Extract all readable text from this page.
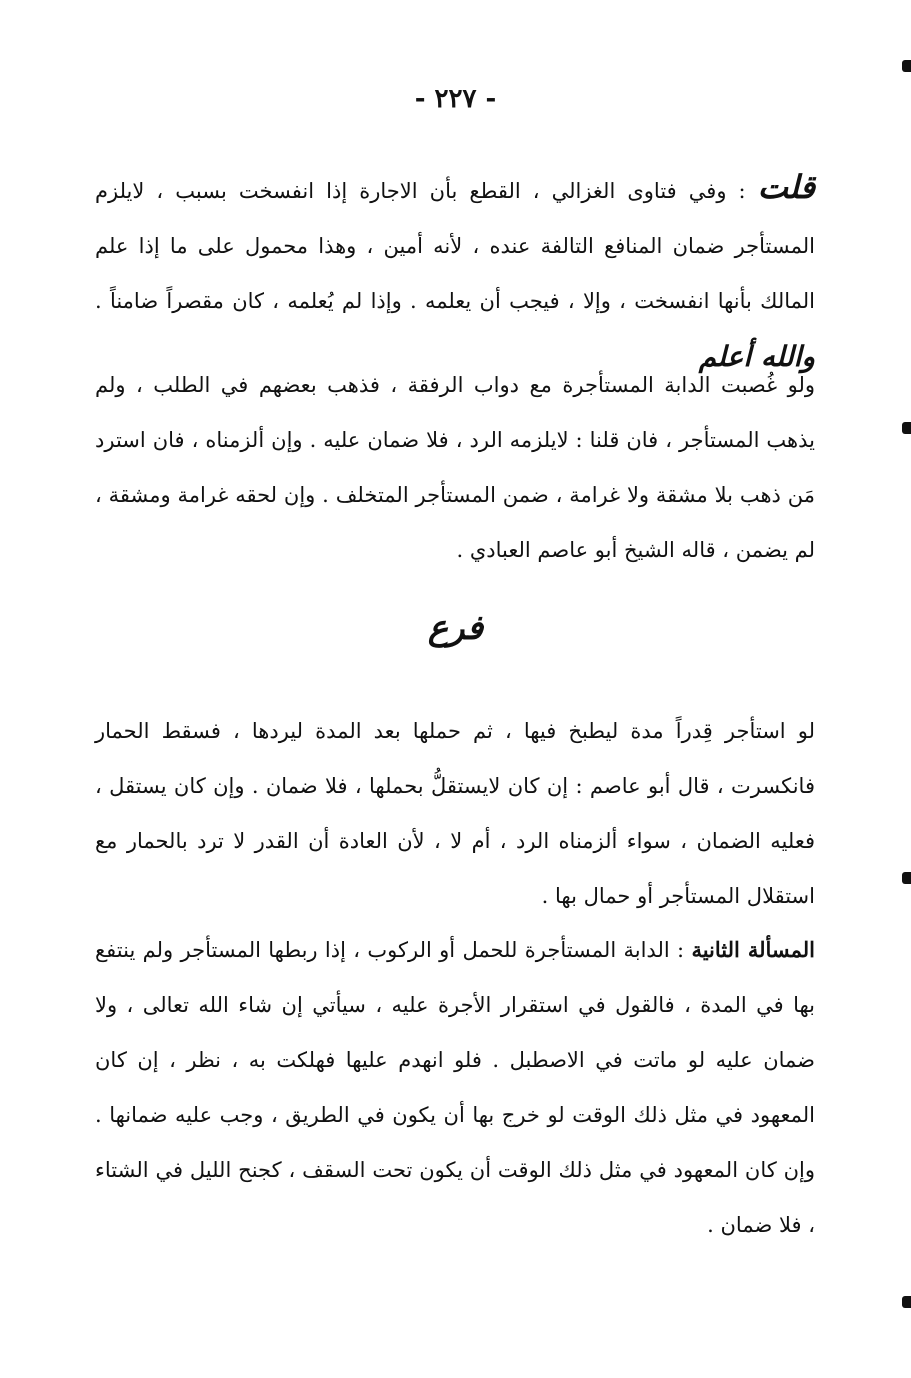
- ٢٢٧ -

قلت : وفي فتاوى الغزالي ، القطع بأن الاجارة إذا انفسخت بسبب ، لايلزم المستأجر ضمان المنافع التالفة عنده ، لأنه أمين ، وهذا محمول على ما إذا علم المالك بأنها انفسخت ، وإلا ، فيجب أن يعلمه . وإذا لم يُعلمه ، كان مقصراً ضامناً . والله أعلم

ولو غُصبت الدابة المستأجرة مع دواب الرفقة ، فذهب بعضهم في الطلب ، ولم يذهب المستأجر ، فان قلنا : لايلزمه الرد ، فلا ضمان عليه . وإن ألزمناه ، فان استرد مَن ذهب بلا مشقة ولا غرامة ، ضمن المستأجر المتخلف . وإن لحقه غرامة ومشقة ، لم يضمن ، قاله الشيخ أبو عاصم العبادي .

فرع

لو استأجر قِدراً مدة ليطبخ فيها ، ثم حملها بعد المدة ليردها ، فسقط الحمار فانكسرت ، قال أبو عاصم : إن كان لايستقلُّ بحملها ، فلا ضمان . وإن كان يستقل ، فعليه الضمان ، سواء ألزمناه الرد ، أم لا ، لأن العادة أن القدر لا ترد بالحمار مع استقلال المستأجر أو حمال بها .

المسألة الثانية : الدابة المستأجرة للحمل أو الركوب ، إذا ربطها المستأجر ولم ينتفع بها في المدة ، فالقول في استقرار الأجرة عليه ، سيأتي إن شاء الله تعالى ، ولا ضمان عليه لو ماتت في الاصطبل . فلو انهدم عليها فهلكت به ، نظر ، إن كان المعهود في مثل ذلك الوقت لو خرج بها أن يكون في الطريق ، وجب عليه ضمانها . وإن كان المعهود في مثل ذلك الوقت أن يكون تحت السقف ، كجنح الليل في الشتاء ، فلا ضمان .
